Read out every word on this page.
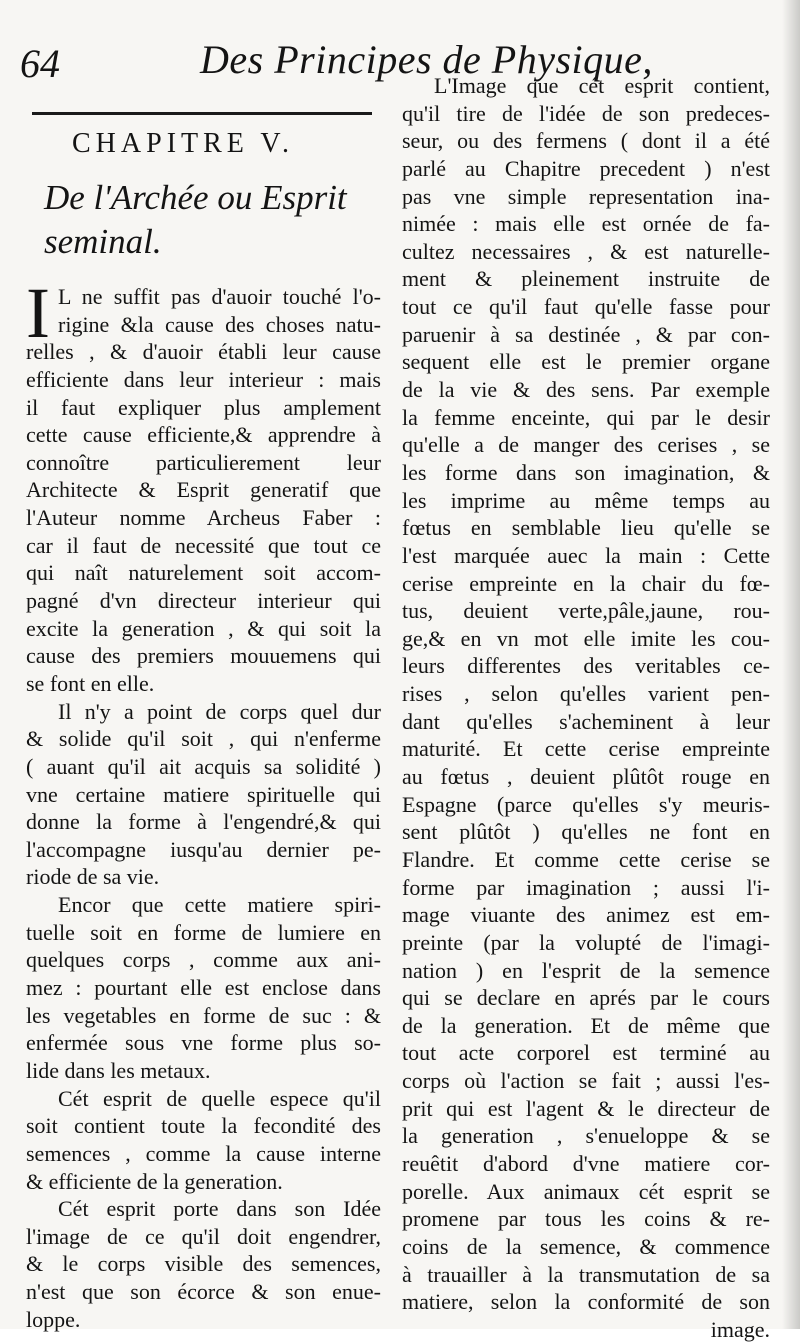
64	Des Principes de Physique,
CHAPITRE V.
De l'Archée ou Esprit
seminal.
I L ne suffit pas d'auoir touché l'o-
rigine &la cause des choses natu-
relles , & d'auoir établi leur cause
efficiente dans leur interieur : mais
il faut expliquer plus amplement
cette cause efficiente,& apprendre à
connoître particulierement leur
Architecte & Esprit generatif que
l'Auteur nomme Archeus Faber :
car il faut de necessité que tout ce
qui naît naturelement soit accom-
pagné d'vn directeur interieur qui
excite la generation , & qui soit la
cause des premiers mouuemens qui
se font en elle.
Il n'y a point de corps quel dur
& solide qu'il soit , qui n'enferme
( auant qu'il ait acquis sa solidité )
vne certaine matiere spirituelle qui
donne la forme à l'engendré,& qui
l'accompagne iusqu'au dernier pe-
riode de sa vie.
Encor que cette matiere spiri-
tuelle soit en forme de lumiere en
quelques corps , comme aux ani-
mez : pourtant elle est enclose dans
les vegetables en forme de suc : &
enfermée sous vne forme plus so-
lide dans les metaux.
Cét esprit de quelle espece qu'il
soit contient toute la fecondité des
semences , comme la cause interne
& efficiente de la generation.
Cét esprit porte dans son Idée
l'image de ce qu'il doit engendrer,
& le corps visible des semences,
n'est que son écorce & son enue-
loppe.
L'Image que cét esprit contient,
qu'il tire de l'idée de son predeces-
seur, ou des fermens ( dont il a été
parlé au Chapitre precedent ) n'est
pas vne simple representation ina-
nimée : mais elle est ornée de fa-
cultez necessaires , & est naturelle-
ment & pleinement instruite de
tout ce qu'il faut qu'elle fasse pour
paruenir à sa destinée , & par con-
sequent elle est le premier organe
de la vie & des sens. Par exemple
la femme enceinte, qui par le desir
qu'elle a de manger des cerises , se
les forme dans son imagination, &
les imprime au même temps au
fœtus en semblable lieu qu'elle se
l'est marquée auec la main : Cette
cerise empreinte en la chair du fœ-
tus, deuient verte,pâle,jaune, rou-
ge,& en vn mot elle imite les cou-
leurs differentes des veritables ce-
rises , selon qu'elles varient pen-
dant qu'elles s'acheminent à leur
maturité. Et cette cerise empreinte
au fœtus , deuient plûtôt rouge en
Espagne (parce qu'elles s'y meuris-
sent plûtôt ) qu'elles ne font en
Flandre. Et comme cette cerise se
forme par imagination ; aussi l'i-
mage viuante des animez est em-
preinte (par la volupté de l'imagi-
nation ) en l'esprit de la semence
qui se declare en aprés par le cours
de la generation. Et de même que
tout acte corporel est terminé au
corps où l'action se fait ; aussi l'es-
prit qui est l'agent & le directeur de
la generation , s'enueloppe & se
reuêtit d'abord d'vne matiere cor-
porelle. Aux animaux cét esprit se
promene par tous les coins & re-
coins de la semence, & commence
à trauailler à la transmutation de sa
matiere, selon la conformité de son
image.
